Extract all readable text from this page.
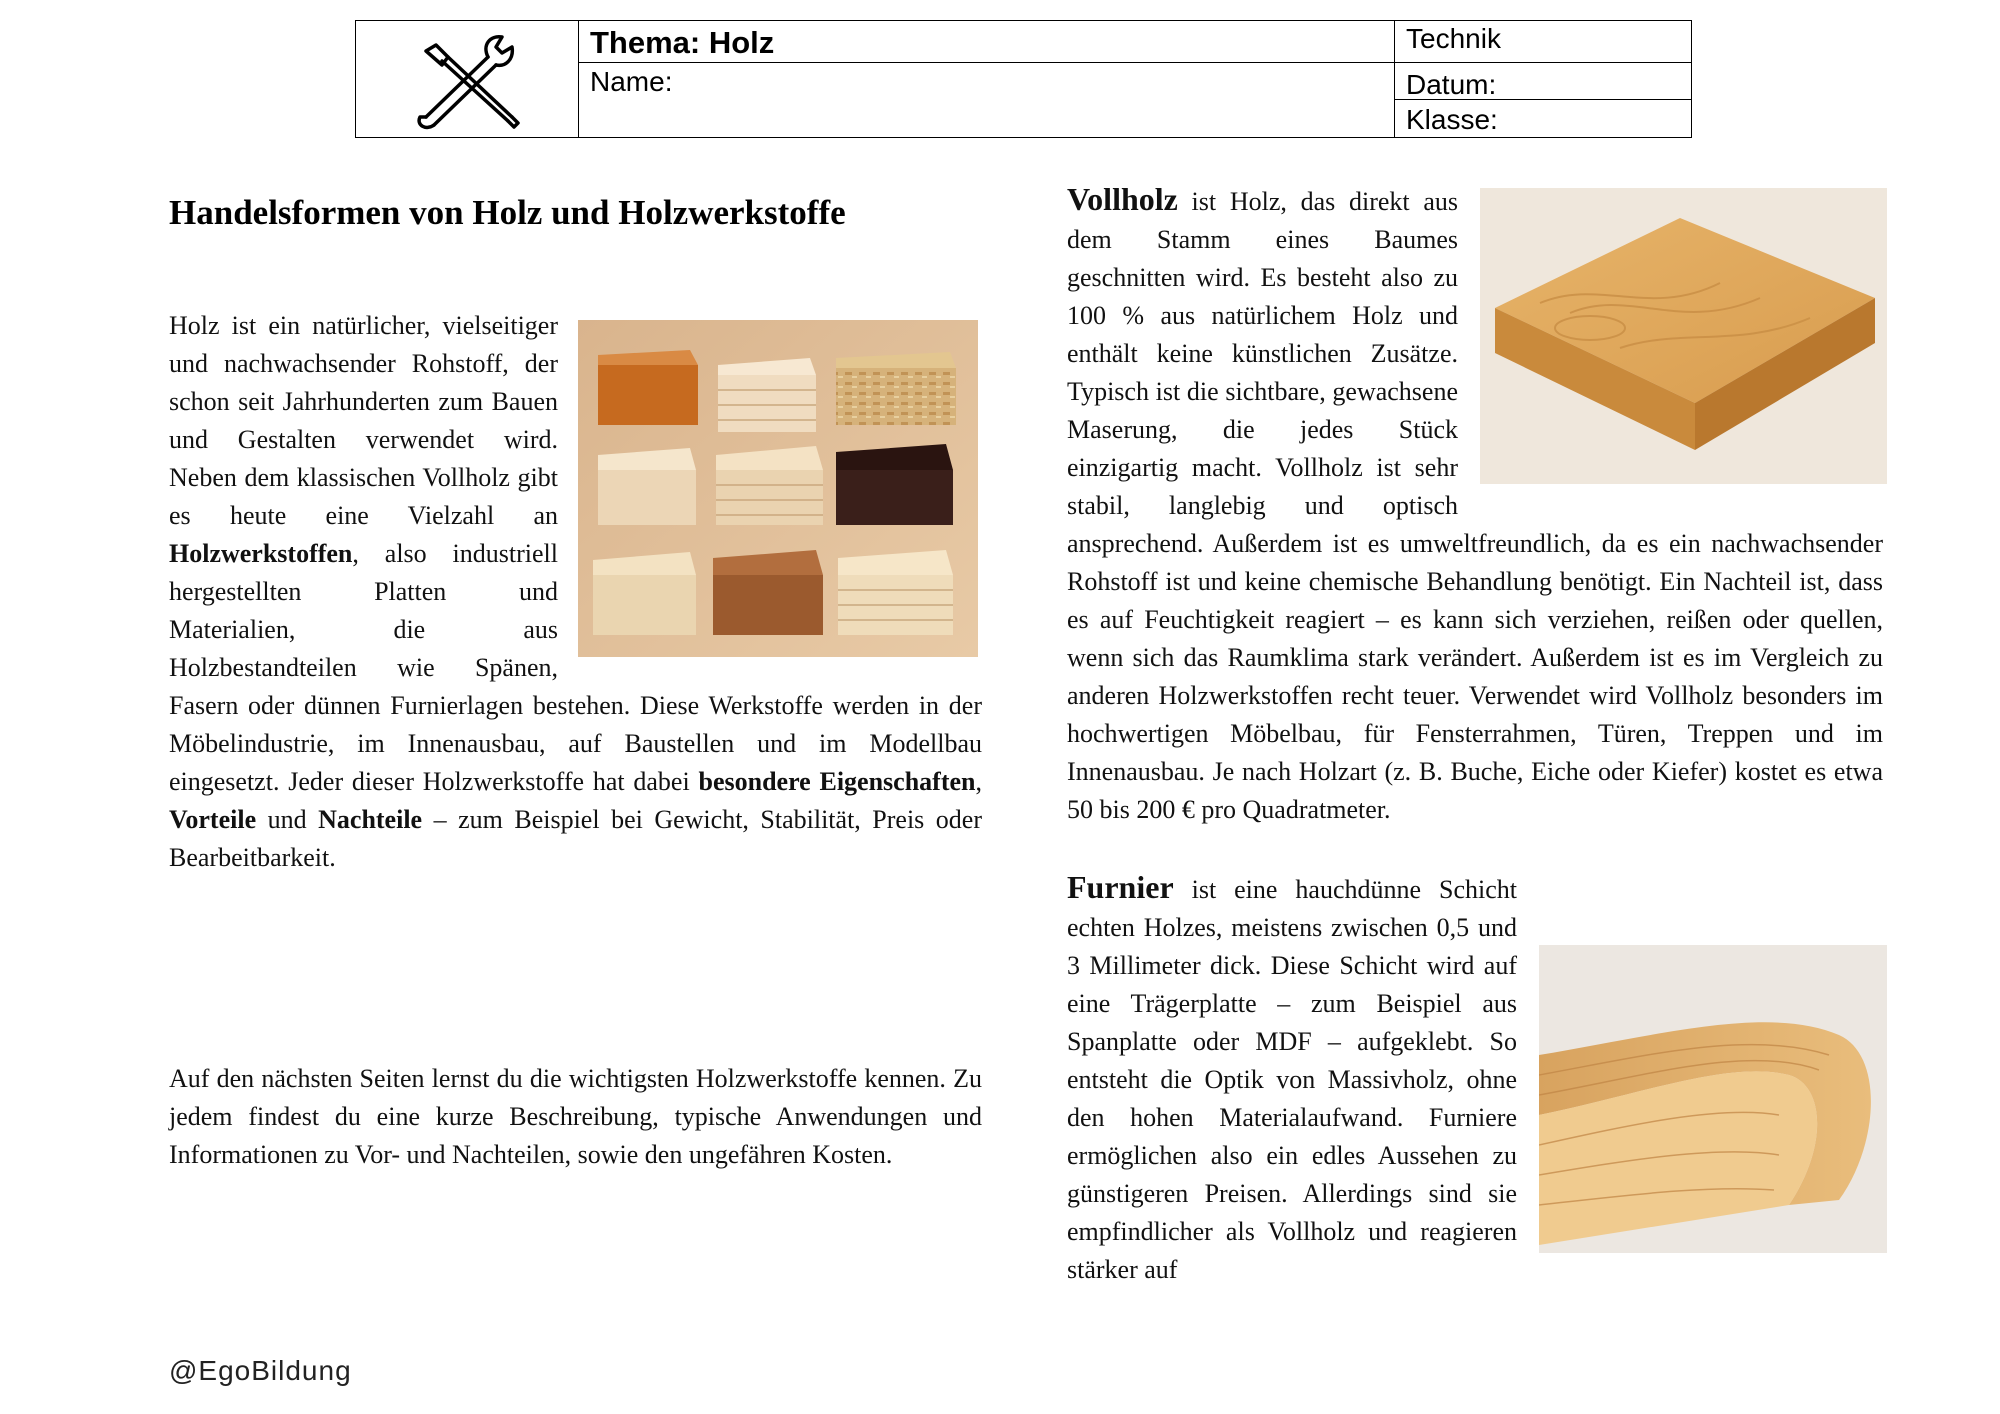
Thema: Holz
Name:
Technik
Datum:
Klasse:
Handelsformen von Holz und Holzwerkstoffe

Holz ist ein natürlicher, vielseitiger und nachwachsender Rohstoff, der schon seit Jahrhunderten zum Bauen und Gestalten verwendet wird. Neben dem klassischen Vollholz gibt es heute eine Vielzahl an Holzwerkstoffen, also industriell hergestellten Platten und Materialien, die aus Holzbestandteilen wie Spänen, Fasern oder dünnen Furnierlagen bestehen. Diese Werkstoffe werden in der Möbelindustrie, im Innenausbau, auf Baustellen und im Modellbau eingesetzt. Jeder dieser Holzwerkstoffe hat dabei besondere Eigenschaften, Vorteile und Nachteile – zum Beispiel bei Gewicht, Stabilität, Preis oder Bearbeitbarkeit.

Auf den nächsten Seiten lernst du die wichtigsten Holzwerkstoffe kennen. Zu jedem findest du eine kurze Beschreibung, typische Anwendungen und Informationen zu Vor- und Nachteilen, sowie den ungefähren Kosten.

Vollholz ist Holz, das direkt aus dem Stamm eines Baumes geschnitten wird. Es besteht also zu 100 % aus natürlichem Holz und enthält keine künstlichen Zusätze. Typisch ist die sichtbare, gewachsene Maserung, die jedes Stück einzigartig macht. Vollholz ist sehr stabil, langlebig und optisch ansprechend. Außerdem ist es umweltfreundlich, da es ein nachwachsender Rohstoff ist und keine chemische Behandlung benötigt. Ein Nachteil ist, dass es auf Feuchtigkeit reagiert – es kann sich verziehen, reißen oder quellen, wenn sich das Raumklima stark verändert. Außerdem ist es im Vergleich zu anderen Holzwerkstoffen recht teuer. Verwendet wird Vollholz besonders im hochwertigen Möbelbau, für Fensterrahmen, Türen, Treppen und im Innenausbau. Je nach Holzart (z. B. Buche, Eiche oder Kiefer) kostet es etwa 50 bis 200 € pro Quadratmeter.

Furnier ist eine hauchdünne Schicht echten Holzes, meistens zwischen 0,5 und 3 Millimeter dick. Diese Schicht wird auf eine Trägerplatte – zum Beispiel aus Spanplatte oder MDF – aufgeklebt. So entsteht die Optik von Massivholz, ohne den hohen Materialaufwand. Furniere ermöglichen also ein edles Aussehen zu günstigeren Preisen. Allerdings sind sie empfindlicher als Vollholz und reagieren stärker auf

@EgoBildung
